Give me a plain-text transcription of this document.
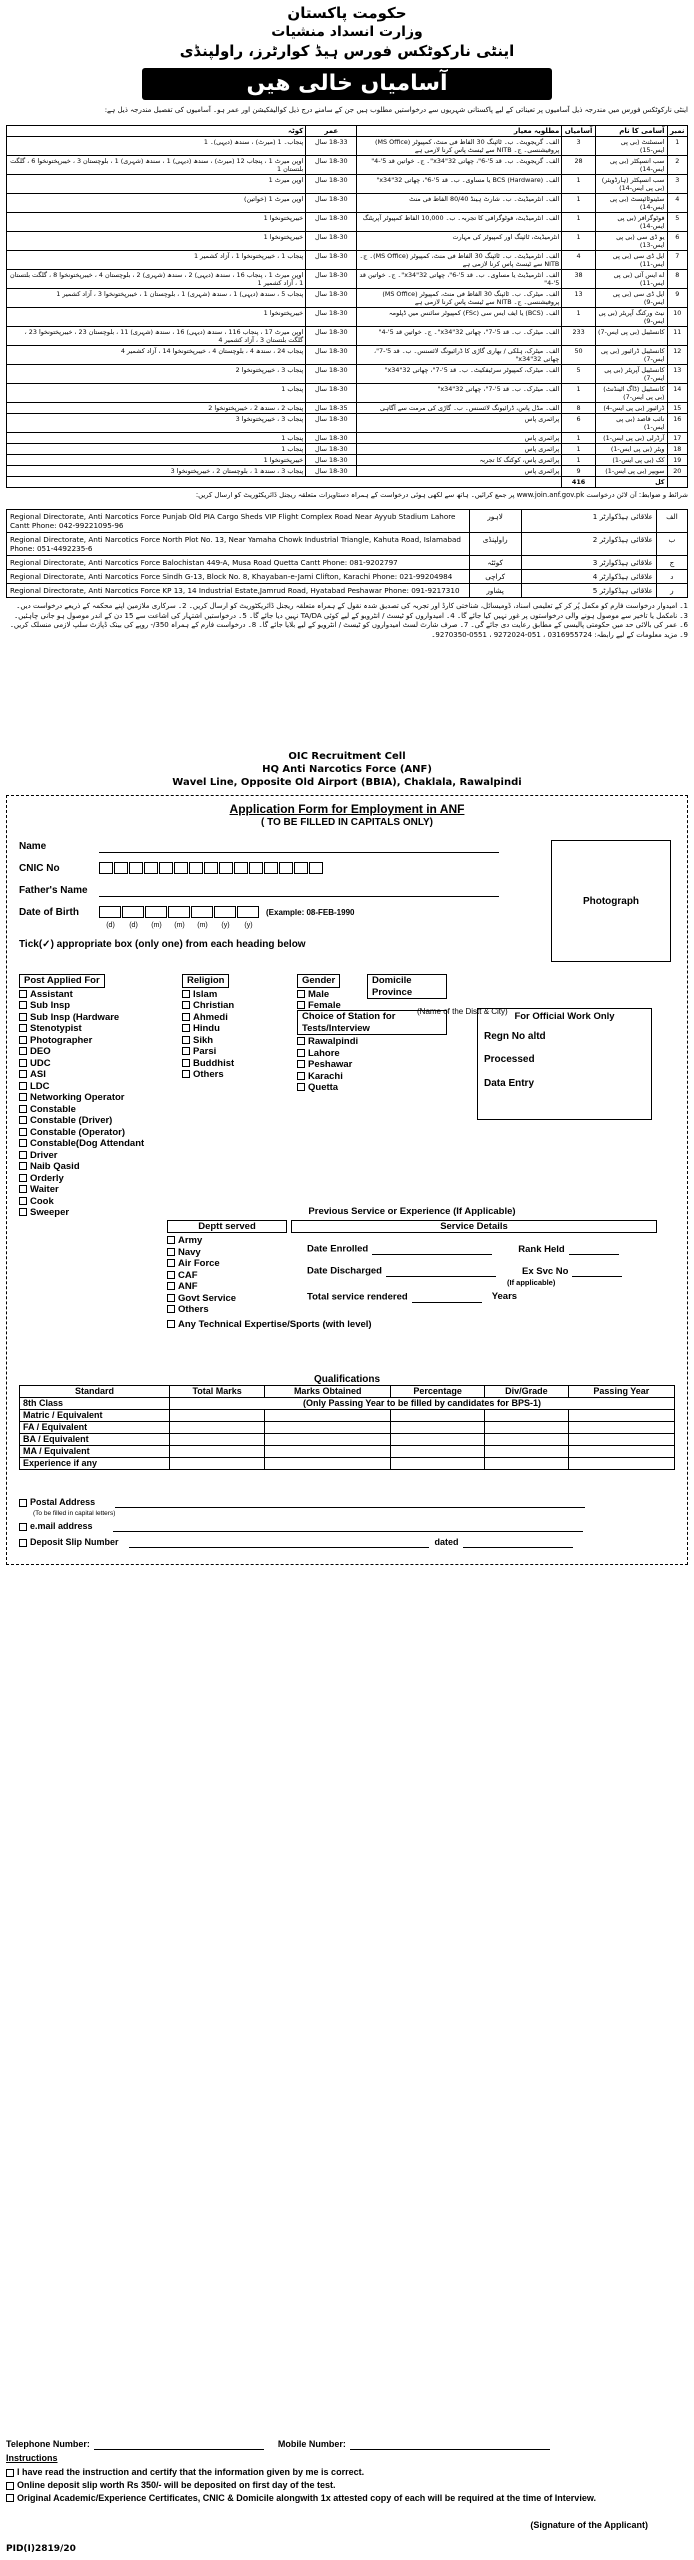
حکومت پاکستان
وزارت انسداد منشیات
اینٹی نارکوٹکس فورس ہیڈ کوارٹرز، راولپنڈی
آسامیاں خالی ھیں
اینٹی نارکوٹکس فورس میں مندرجہ ذیل آسامیوں پر تعیناتی کے لیے پاکستانی شہریوں سے درخواستیں مطلوب ہیں جن کے سامنے درج ذیل کوالیفکیشن اور عمر ہو۔ آسامیوں کی تفصیل مندرجہ ذیل ہے:
نمبر	آسامی کا نام	آسامیاں	مطلوبہ معیار	عمر	کوٹہ
1	اسسٹنٹ (بی پی ایس-15)	3	الف۔ گریجویٹ۔ ب۔ ٹائپنگ 30 الفاظ فی منٹ، کمپیوٹر (MS Office) پروفیشنسی۔ ج۔ NITB سے ٹیسٹ پاس کرنا لازمی ہے	18-33 سال	پنجاب۔ 1 (میرٹ) ، سندھ (دیہی)۔ 1
2	سب انسپکٹر (بی پی ایس-14)	28	الف۔ گریجویٹ۔ ب۔ قد 5'-6"، چھاتی 32"x34"۔ ج۔ خواتین قد 5'-4"	18-30 سال	اوپن میرٹ 1 ، پنجاب 12 (میرٹ) ، سندھ (دیہی) 1 ، سندھ (شہری) 1 ، بلوچستان 3 ، خیبرپختونخوا 6 ، گلگت بلتستان 1
3	سب انسپکٹر (ہارڈویئر) (بی پی ایس-14)	1	الف۔ BCS (Hardware) یا مساوی۔ ب۔ قد 5'-6"، چھاتی 32"x34"	18-30 سال	اوپن میرٹ 1
4	سٹینوٹائپسٹ (بی پی ایس-14)	1	الف۔ انٹرمیڈیٹ۔ ب۔ شارٹ ہینڈ 80/40 الفاظ فی منٹ	18-30 سال	اوپن میرٹ 1 (خواتین)
5	فوٹوگرافر (بی پی ایس-14)	1	الف۔ انٹرمیڈیٹ، فوٹوگرافی کا تجربہ۔ ب۔ 10,000 الفاظ کمپیوٹر آپریٹنگ	18-30 سال	خیبرپختونخوا 1
6	یو ڈی سی (بی پی ایس-13)	1	انٹرمیڈیٹ، ٹائپنگ اور کمپیوٹر کی مہارت	18-30 سال	خیبرپختونخوا 1
7	ایل ڈی سی (بی پی ایس-11)	4	الف۔ انٹرمیڈیٹ۔ ب۔ ٹائپنگ 30 الفاظ فی منٹ، کمپیوٹر (MS Office)۔ ج۔ NITB سے ٹیسٹ پاس کرنا لازمی ہے	18-30 سال	پنجاب 1 ، خیبرپختونخوا 1 ، آزاد کشمیر 1
8	اے ایس آئی (بی پی ایس-11)	38	الف۔ انٹرمیڈیٹ یا مساوی۔ ب۔ قد 5'-6"، چھاتی 32"x34"۔ ج۔ خواتین قد 5'-4"	18-30 سال	اوپن میرٹ 1 ، پنجاب 16 ، سندھ (دیہی) 2 ، سندھ (شہری) 2 ، بلوچستان 4 ، خیبرپختونخوا 8 ، گلگت بلتستان 1 ، آزاد کشمیر 1
9	ایل ڈی سی (بی پی ایس-9)	13	الف۔ میٹرک۔ ب۔ ٹائپنگ 30 الفاظ فی منٹ، کمپیوٹر (MS Office) پروفیشنسی۔ ج۔ NITB سے ٹیسٹ پاس کرنا لازمی ہے	18-30 سال	پنجاب 5 ، سندھ (دیہی) 1 ، سندھ (شہری) 1 ، بلوچستان 1 ، خیبرپختونخوا 3 ، آزاد کشمیر 1
10	نیٹ ورکنگ آپریٹر (بی پی ایس-9)	1	الف۔ (BCS) یا ایف ایس سی (FSc) کمپیوٹر سائنس میں ڈپلومہ	18-30 سال	خیبرپختونخوا 1
11	کانسٹیبل (بی پی ایس-7)	233	الف۔ میٹرک۔ ب۔ قد 5'-7"، چھاتی 32"x34"۔ ج۔ خواتین قد 5'-4"	18-30 سال	اوپن میرٹ 17 ، پنجاب 116 ، سندھ (دیہی) 16 ، سندھ (شہری) 11 ، بلوچستان 23 ، خیبرپختونخوا 23 ، گلگت بلتستان 3 ، آزاد کشمیر 4
12	کانسٹیبل ڈرائیور (بی پی ایس-7)	50	الف۔ میٹرک، ہلکی / بھاری گاڑی کا ڈرائیونگ لائسنس۔ ب۔ قد 5'-7"، چھاتی 32"x34"	18-30 سال	پنجاب 24 ، سندھ 4 ، بلوچستان 4 ، خیبرپختونخوا 14 ، آزاد کشمیر 4
13	کانسٹیبل آپریٹر (بی پی ایس-7)	5	الف۔ میٹرک، کمپیوٹر سرٹیفکیٹ۔ ب۔ قد 5'-7"، چھاتی 32"x34"	18-30 سال	پنجاب 3 ، خیبرپختونخوا 2
14	کانسٹیبل (ڈاگ اٹینڈنٹ) (بی پی ایس-7)	1	الف۔ میٹرک۔ ب۔ قد 5'-7"، چھاتی 32"x34"	18-30 سال	پنجاب 1
15	ڈرائیور (بی پی ایس-4)	8	الف۔ مڈل پاس، ڈرائیونگ لائسنس۔ ب۔ گاڑی کی مرمت سے آگاہی	18-35 سال	پنجاب 2 ، سندھ 2 ، خیبرپختونخوا 2
16	نائب قاصد (بی پی ایس-1)	6	پرائمری پاس	18-30 سال	پنجاب 3 ، خیبرپختونخوا 3
17	آرڈرلی (بی پی ایس-1)	1	پرائمری پاس	18-30 سال	پنجاب 1
18	ویٹر (بی پی ایس-1)	1	پرائمری پاس	18-30 سال	پنجاب 1
19	کک (بی پی ایس-1)	1	پرائمری پاس، کوکنگ کا تجربہ	18-30 سال	خیبرپختونخوا 1
20	سویپر (بی پی ایس-1)	9	پرائمری پاس	18-30 سال	پنجاب 3 ، سندھ 1 ، بلوچستان 2 ، خیبرپختونخوا 3
	کل	416			
شرائط و ضوابط: آن لائن درخواست www.join.anf.gov.pk پر جمع کرائیں۔ ہاتھ سے لکھی ہوئی درخواست کے ہمراہ دستاویزات متعلقہ ریجنل ڈائریکٹوریٹ کو ارسال کریں:
Regional Directorate, Anti Narcotics Force Punjab Old PIA Cargo Sheds VIP Flight Complex Road Near Ayyub Stadium Lahore Cantt Phone: 042-99221095-96	لاہور	علاقائی ہیڈکوارٹر 1	الف
Regional Directorate, Anti Narcotics Force North Plot No. 13, Near Yamaha Chowk Industrial Triangle, Kahuta Road, Islamabad Phone: 051-4492235-6	راولپنڈی	علاقائی ہیڈکوارٹر 2	ب
Regional Directorate, Anti Narcotics Force Balochistan 449-A, Musa Road Quetta Cantt Phone: 081-9202797	کوئٹہ	علاقائی ہیڈکوارٹر 3	ج
Regional Directorate, Anti Narcotics Force Sindh G-13, Block No. 8, Khayaban-e-Jami Clifton, Karachi Phone: 021-99204984	کراچی	علاقائی ہیڈکوارٹر 4	د
Regional Directorate, Anti Narcotics Force KP 13, 14 Industrial Estate,Jamrud Road, Hyatabad Peshawar Phone: 091-9217310	پشاور	علاقائی ہیڈکوارٹر 5	ر
1۔ امیدوار درخواست فارم کو مکمل پُر کر کے تعلیمی اسناد، ڈومیسائل، شناختی کارڈ اور تجربہ کی تصدیق شدہ نقول کے ہمراہ متعلقہ ریجنل ڈائریکٹوریٹ کو ارسال کریں۔ 2۔ سرکاری ملازمین اپنے محکمہ کے ذریعے درخواست دیں۔ 3۔ نامکمل یا تاخیر سے موصول ہونے والی درخواستوں پر غور نہیں کیا جائے گا۔ 4۔ امیدواروں کو ٹیسٹ / انٹرویو کے لیے کوئی TA/DA نہیں دیا جائے گا۔ 5۔ درخواستیں اشتہار کی اشاعت سے 15 دن کے اندر موصول ہو جانی چاہئیں۔ 6۔ عمر کی بالائی حد میں حکومتی پالیسی کے مطابق رعایت دی جائے گی۔ 7۔ صرف شارٹ لسٹ امیدواروں کو ٹیسٹ / انٹرویو کے لیے بلایا جائے گا۔ 8۔ درخواست فارم کے ہمراہ 350/- روپے کی بینک ڈپازٹ سلپ لازمی منسلک کریں۔ 9۔ مزید معلومات کے لیے رابطہ: 0316955724 ، 051-9272024 ، 0551-9270350۔
OIC Recruitment Cell
HQ Anti Narcotics Force (ANF)
Wavel Line, Opposite Old Airport (BBIA), Chaklala, Rawalpindi
Application Form for Employment in ANF
( TO BE FILLED IN CAPITALS ONLY)
Name
CNIC No
Father's Name
Date of Birth	(Example: 08-FEB-1990
(d) (d) (m) (m) (m) (y) (y)
Tick(✓) appropriate box (only one) from each heading below
Photograph
Post Applied For
Assistant
Sub Insp
Sub Insp (Hardware
Stenotypist
Photographer
DEO
UDC
ASI
LDC
Networking Operator
Constable
Constable (Driver)
Constable (Operator)
Constable(Dog Attendant
Driver
Naib Qasid
Orderly
Waiter
Cook
Sweeper
Religion
Islam
Christian
Ahmedi
Hindu
Sikh
Parsi
Buddhist
Others
Gender
Male
Female
Domicile Province
(Name of the Distt & City)
Choice of Station for Tests/Interview
Rawalpindi
Lahore
Peshawar
Karachi
Quetta
For Official Work Only
Regn No altd
Processed
Data Entry
Previous Service or Experience (If Applicable)
Deptt served	Service Details
Army
Navy
Air Force
CAF
ANF
Govt Service
Others
Date Enrolled	Rank Held
Date Discharged	Ex Svc No
(If applicable)
Total service rendered	Years
Any Technical Expertise/Sports (with level)
Qualifications
Standard	Total Marks	Marks Obtained	Percentage	Div/Grade	Passing Year
8th Class	(Only Passing Year to be filled by candidates for BPS-1)				
Matric / Equivalent					
FA / Equivalent					
BA / Equivalent					
MA / Equivalent					
Experience if any					
Postal Address
(To be filled in capital letters)
e.mail address
Deposit Slip Number	dated
Telephone Number:	Mobile Number:
Instructions
I have read the instruction and certify that the information given by me is correct.
Online deposit slip worth Rs 350/- will be deposited on first day of the test.
Original Academic/Experience Certificates, CNIC & Domicile alongwith 1x attested copy of each will be required at the time of Interview.
(Signature of the Applicant)
PID(I)2819/20
